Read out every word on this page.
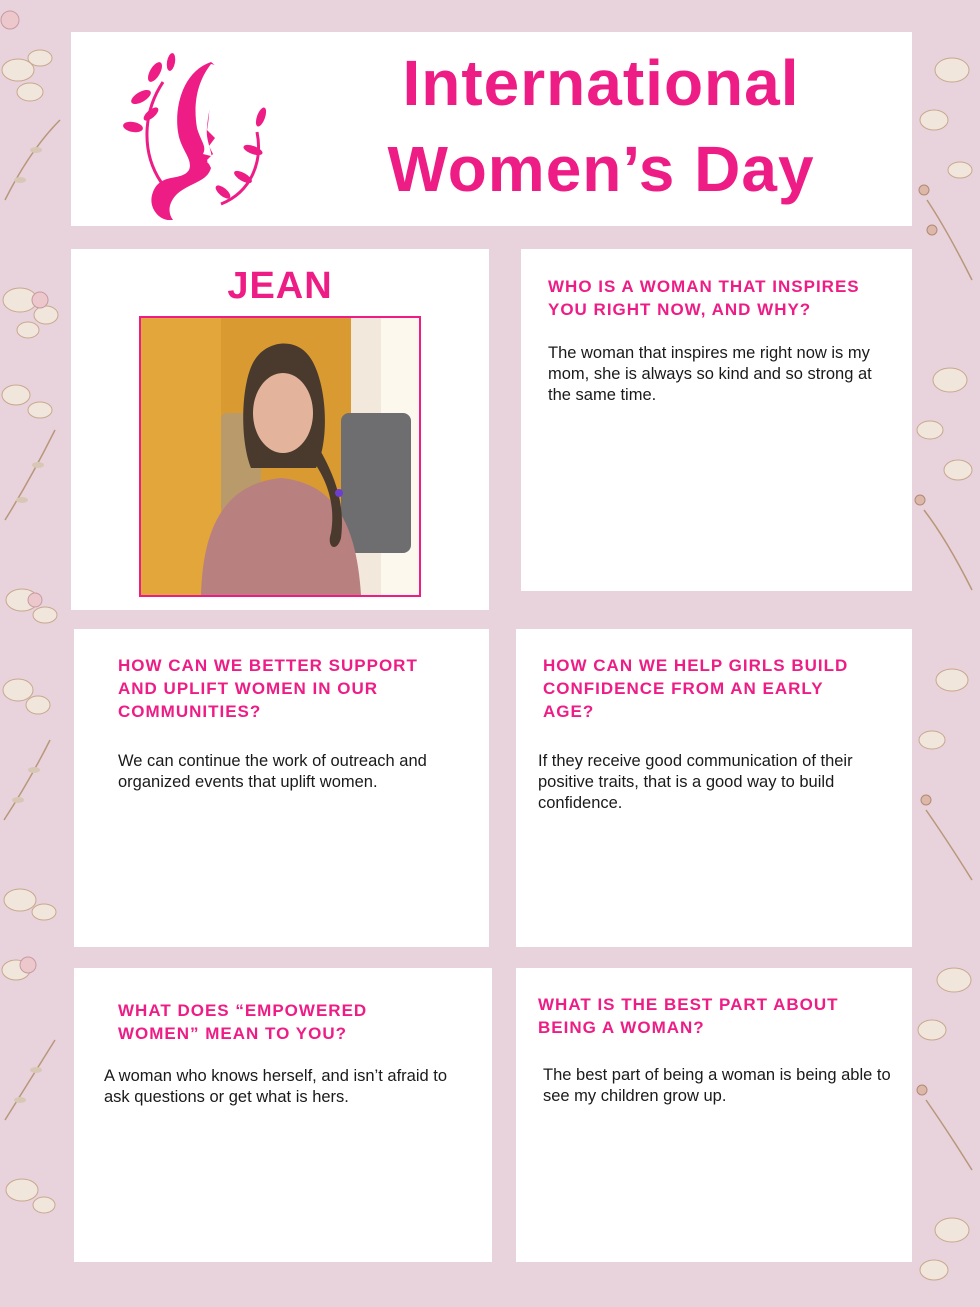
International
Women’s Day
JEAN	WHO IS A WOMAN THAT INSPIRES YOU RIGHT NOW, AND WHY?
The woman that inspires me right now is my mom, she is always so kind and so strong at the same time.
HOW CAN WE BETTER SUPPORT AND UPLIFT WOMEN IN OUR COMMUNITIES?
We can continue the work of outreach and organized events that uplift women.
HOW CAN WE HELP GIRLS BUILD CONFIDENCE FROM AN EARLY AGE?
If they receive good communication of their positive traits, that is a good way to build confidence.
WHAT DOES “EMPOWERED WOMEN” MEAN TO YOU?
A woman who knows herself, and isn’t afraid to ask questions or get what is hers.
WHAT IS THE BEST PART ABOUT BEING A WOMAN?
The best part of being a woman is being able to see my children grow up.
